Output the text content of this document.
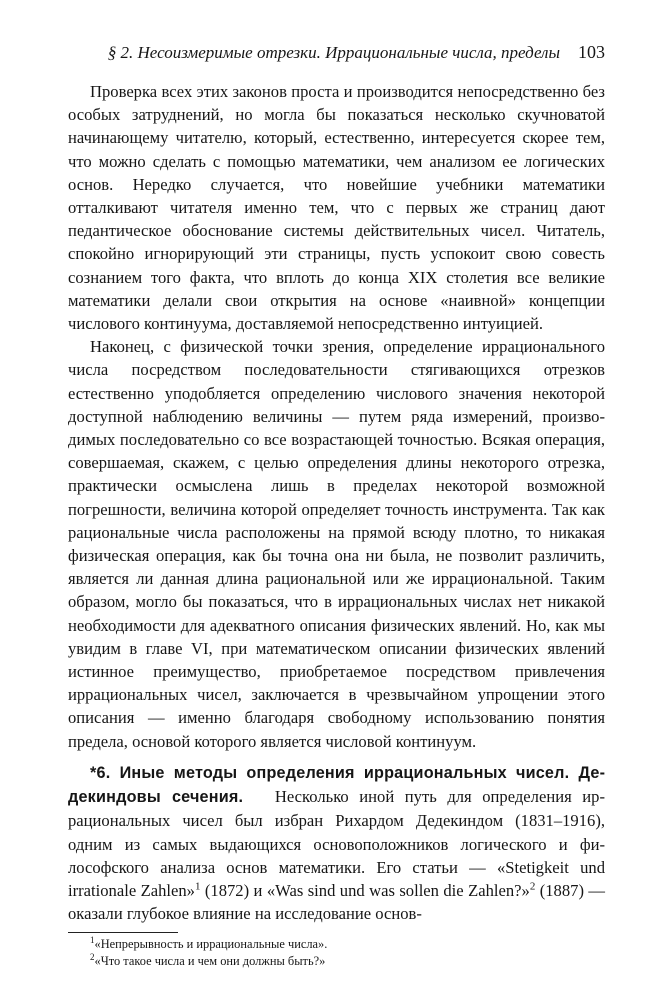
§ 2. Несоизмеримые отрезки. Иррациональные числа, пределы 103

Проверка всех этих законов проста и производится непосредственно без особых затруднений, но могла бы показаться несколько скучноватой начинающему читателю, который, естественно, интересуется скорее тем, что можно сделать с помощью математики, чем анализом ее логических основ. Нередко случается, что новейшие учебники математики отталкивают читателя именно тем, что с первых же страниц дают педантическое обоснование системы действительных чисел. Читатель, спокойно игнорирующий эти страницы, пусть успокоит свою совесть сознанием того факта, что вплоть до конца XIX столетия все великие математики делали свои открытия на основе «наивной» концепции числового континуума, доставляемой непосредственно интуицией.

Наконец, с физической точки зрения, определение иррационального числа посредством последовательности стягивающихся отрезков естественно уподобляется определению числового значения некоторой доступной наблюдению величины — путем ряда измерений, производимых последовательно со все возрастающей точностью. Всякая операция, совершаемая, скажем, с целью определения длины некоторого отрезка, практически осмыслена лишь в пределах некоторой возможной погрешности, величина которой определяет точность инструмента. Так как рациональные числа расположены на прямой всюду плотно, то никакая физическая операция, как бы точна она ни была, не позволит различить, является ли данная длина рациональной или же иррациональной. Таким образом, могло бы показаться, что в иррациональных числах нет никакой необходимости для адекватного описания физических явлений. Но, как мы увидим в главе VI, при математическом описании физических явлений истинное преимущество, приобретаемое посредством привлечения иррациональных чисел, заключается в чрезвычайном упрощении этого описания — именно благодаря свободному использованию понятия предела, основой которого является числовой континуум.

*6. Иные методы определения иррациональных чисел. Дедекиндовы сечения. Несколько иной путь для определения иррациональных чисел был избран Рихардом Дедекиндом (1831–1916), одним из самых выдающихся основоположников логического и философского анализа основ математики. Его статьи — «Stetigkeit und irrationale Zahlen»$^1$ (1872) и «Was sind und was sollen die Zahlen?»$^2$ (1887) — оказали глубокое влияние на исследование основ-

$^1$«Непрерывность и иррациональные числа».

$^2$«Что такое числа и чем они должны быть?»
